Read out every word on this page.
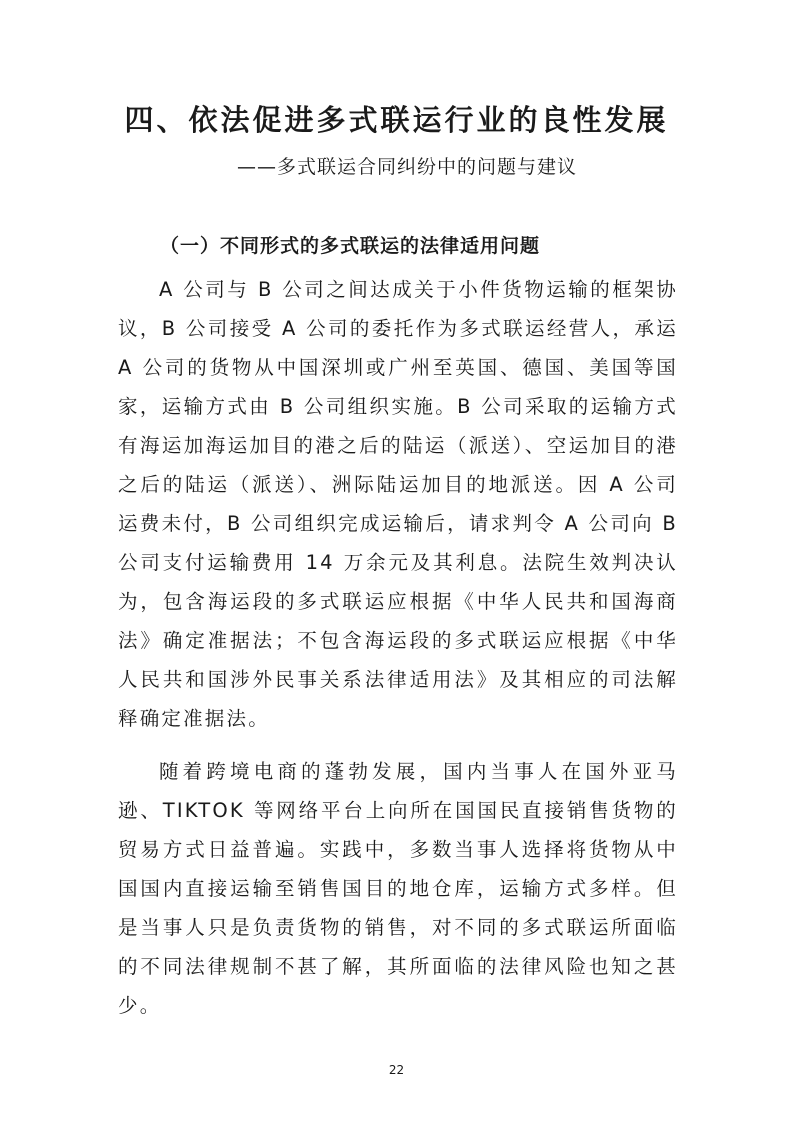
四、依法促进多式联运行业的良性发展
——多式联运合同纠纷中的问题与建议
（一）不同形式的多式联运的法律适用问题

A 公司与 B 公司之间达成关于小件货物运输的框架协议，B 公司接受 A 公司的委托作为多式联运经营人，承运 A 公司的货物从中国深圳或广州至英国、德国、美国等国家，运输方式由 B 公司组织实施。B 公司采取的运输方式有海运加海运加目的港之后的陆运（派送）、空运加目的港之后的陆运（派送）、洲际陆运加目的地派送。因 A 公司运费未付，B 公司组织完成运输后，请求判令 A 公司向 B 公司支付运输费用 14 万余元及其利息。法院生效判决认为，包含海运段的多式联运应根据《中华人民共和国海商法》确定准据法；不包含海运段的多式联运应根据《中华人民共和国涉外民事关系法律适用法》及其相应的司法解释确定准据法。

随着跨境电商的蓬勃发展，国内当事人在国外亚马逊、TIKTOK 等网络平台上向所在国国民直接销售货物的贸易方式日益普遍。实践中，多数当事人选择将货物从中国国内直接运输至销售国目的地仓库，运输方式多样。但是当事人只是负责货物的销售，对不同的多式联运所面临的不同法律规制不甚了解，其所面临的法律风险也知之甚少。

22
